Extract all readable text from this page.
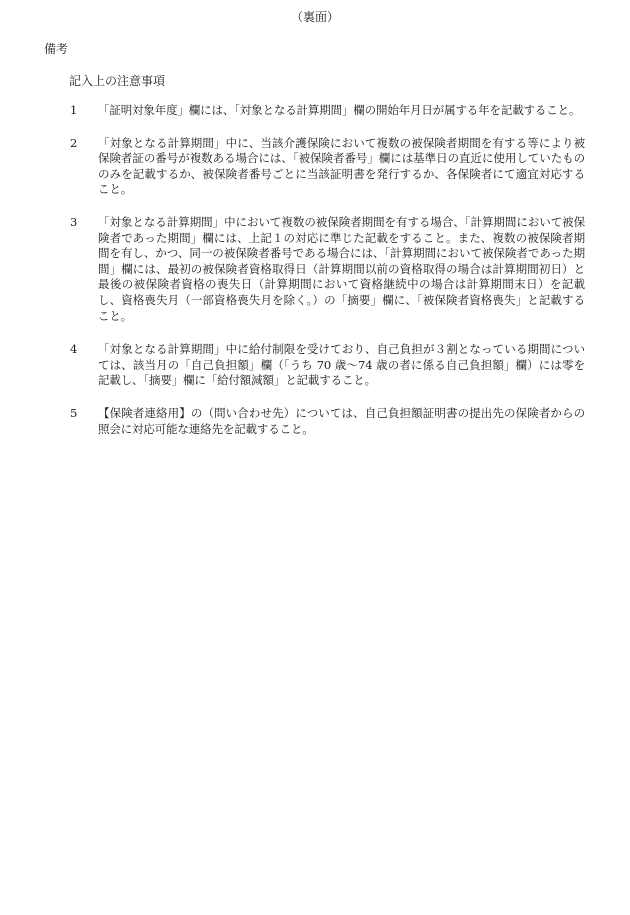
（裏面）
備考
記入上の注意事項
1	「証明対象年度」欄には、「対象となる計算期間」欄の開始年月日が属する年を記載すること。
2	「対象となる計算期間」中に、当該介護保険において複数の被保険者期間を有する等により被保険者証の番号が複数ある場合には、「被保険者番号」欄には基準日の直近に使用していたもののみを記載するか、被保険者番号ごとに当該証明書を発行するか、各保険者にて適宜対応すること。
3	「対象となる計算期間」中において複数の被保険者期間を有する場合、「計算期間において被保険者であった期間」欄には、上記１の対応に準じた記載をすること。また、複数の被保険者期間を有し、かつ、同一の被保険者番号である場合には、「計算期間において被保険者であった期間」欄には、最初の被保険者資格取得日（計算期間以前の資格取得の場合は計算期間初日）と最後の被保険者資格の喪失日（計算期間において資格継続中の場合は計算期間末日）を記載し、資格喪失月（一部資格喪失月を除く。）の「摘要」欄に、「被保険者資格喪失」と記載すること。
4	「対象となる計算期間」中に給付制限を受けており、自己負担が３割となっている期間については、該当月の「自己負担額」欄（「うち 70 歳～74 歳の者に係る自己負担額」欄）には零を記載し、「摘要」欄に「給付額減額」と記載すること。
5	【保険者連絡用】の（問い合わせ先）については、自己負担額証明書の提出先の保険者からの照会に対応可能な連絡先を記載すること。
